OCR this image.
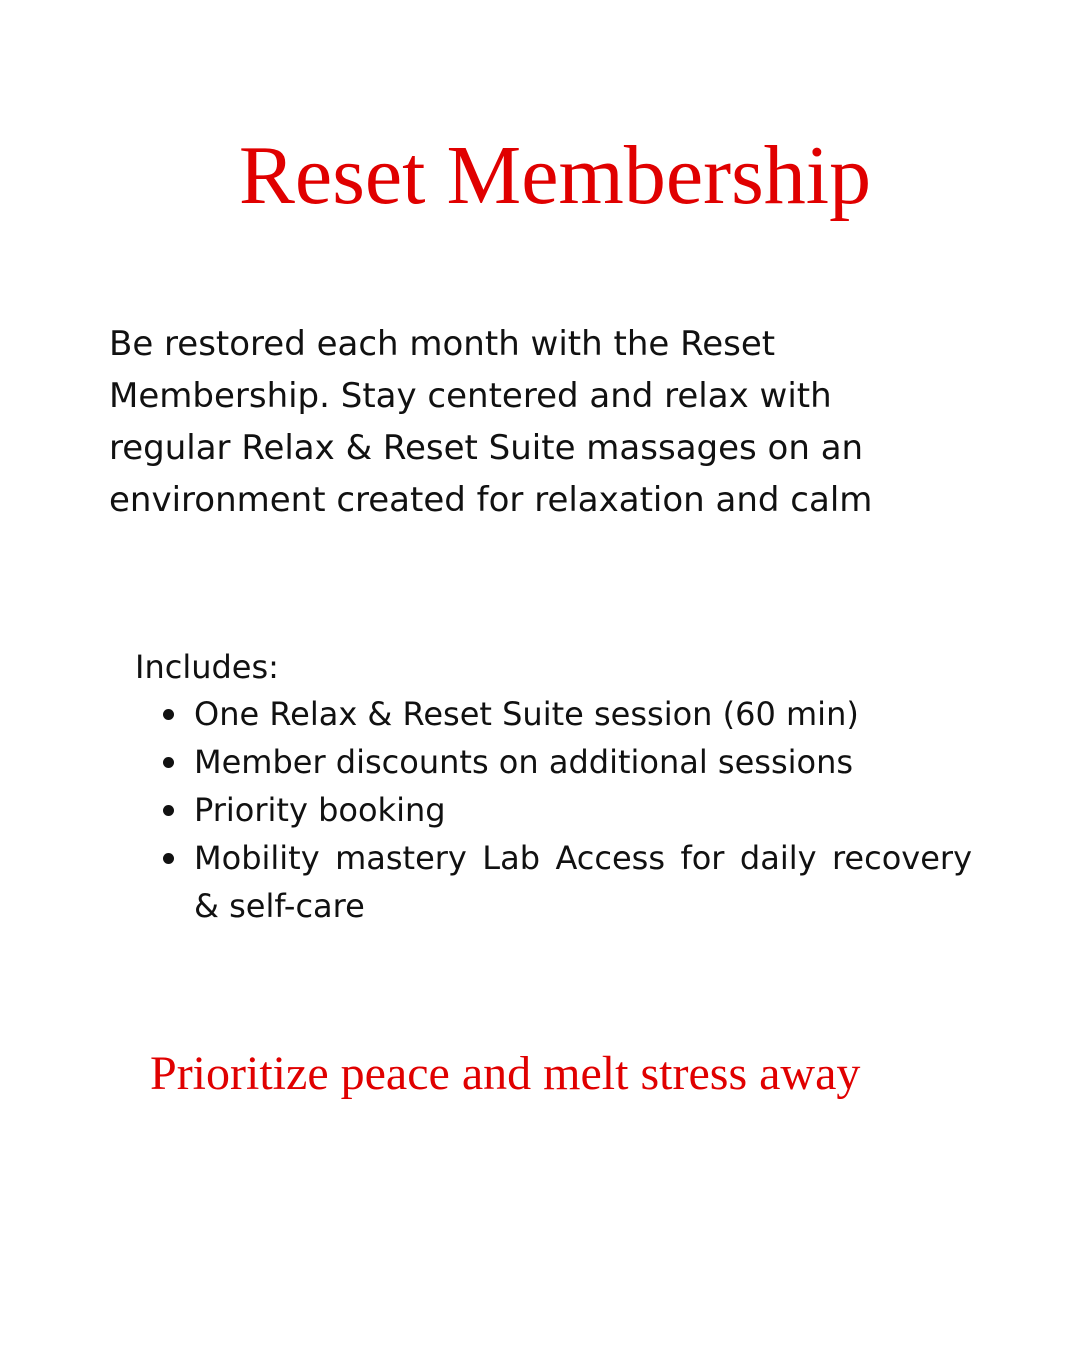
Reset Membership

Be restored each month with the Reset Membership. Stay centered and relax with regular Relax & Reset Suite massages on an environment created for relaxation and calm

Includes:

One Relax & Reset Suite session (60 min)
Member discounts on additional sessions
Priority booking
Mobility mastery Lab Access for daily recovery & self-care

Prioritize peace and melt stress away
